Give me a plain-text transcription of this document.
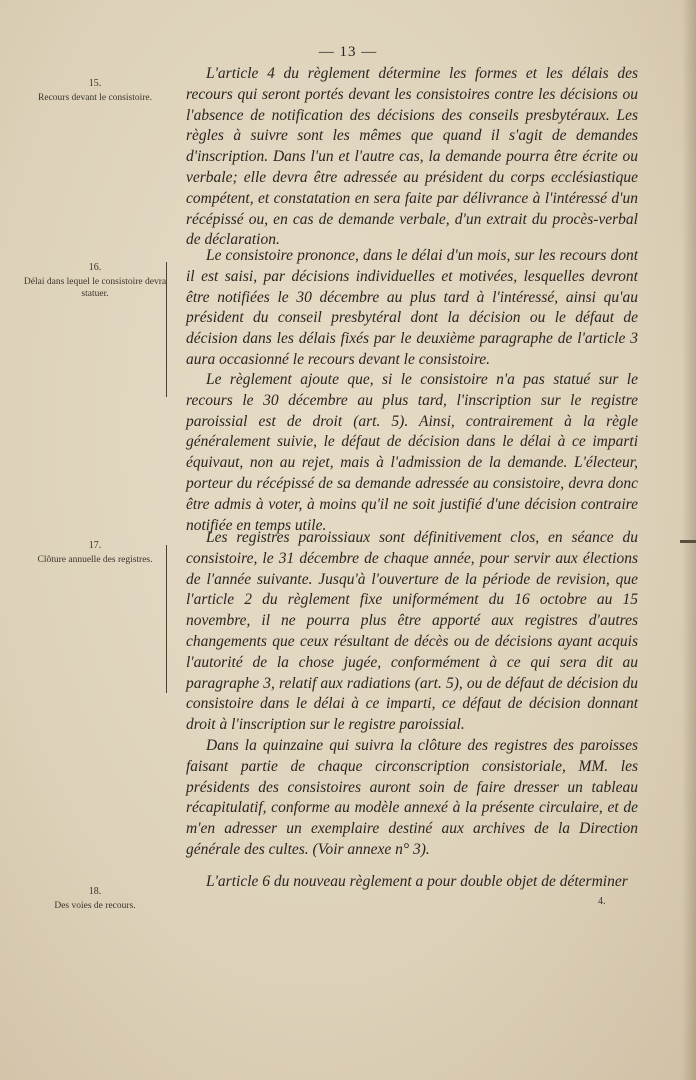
— 13 —
15.
Recours devant le consistoire.
16.
Délai dans lequel le consistoire devra statuer.
17.
Clôture annuelle des registres.
18.
Des voies de recours.

L'article 4 du règlement détermine les formes et les délais des recours qui seront portés devant les consistoires contre les décisions ou l'absence de notification des décisions des conseils presbytéraux. Les règles à suivre sont les mêmes que quand il s'agit de demandes d'inscription. Dans l'un et l'autre cas, la demande pourra être écrite ou verbale; elle devra être adressée au président du corps ecclésiastique compétent, et constatation en sera faite par délivrance à l'intéressé d'un récépissé ou, en cas de demande verbale, d'un extrait du procès-verbal de déclaration.

Le consistoire prononce, dans le délai d'un mois, sur les recours dont il est saisi, par décisions individuelles et motivées, lesquelles devront être notifiées le 30 décembre au plus tard à l'intéressé, ainsi qu'au président du conseil presbytéral dont la décision ou le défaut de décision dans les délais fixés par le deuxième paragraphe de l'article 3 aura occasionné le recours devant le consistoire.

Le règlement ajoute que, si le consistoire n'a pas statué sur le recours le 30 décembre au plus tard, l'inscription sur le registre paroissial est de droit (art. 5). Ainsi, contrairement à la règle généralement suivie, le défaut de décision dans le délai à ce imparti équivaut, non au rejet, mais à l'admission de la demande. L'électeur, porteur du récépissé de sa demande adressée au consistoire, devra donc être admis à voter, à moins qu'il ne soit justifié d'une décision contraire notifiée en temps utile.

Les registres paroissiaux sont définitivement clos, en séance du consistoire, le 31 décembre de chaque année, pour servir aux élections de l'année suivante. Jusqu'à l'ouverture de la période de revision, que l'article 2 du règlement fixe uniformément du 16 octobre au 15 novembre, il ne pourra plus être apporté aux registres d'autres changements que ceux résultant de décès ou de décisions ayant acquis l'autorité de la chose jugée, conformément à ce qui sera dit au paragraphe 3, relatif aux radiations (art. 5), ou de défaut de décision du consistoire dans le délai à ce imparti, ce défaut de décision donnant droit à l'inscription sur le registre paroissial.

Dans la quinzaine qui suivra la clôture des registres des paroisses faisant partie de chaque circonscription consistoriale, MM. les présidents des consistoires auront soin de faire dresser un tableau récapitulatif, conforme au modèle annexé à la présente circulaire, et de m'en adresser un exemplaire destiné aux archives de la Direction générale des cultes. (Voir annexe n° 3).

L'article 6 du nouveau règlement a pour double objet de déterminer

4.
